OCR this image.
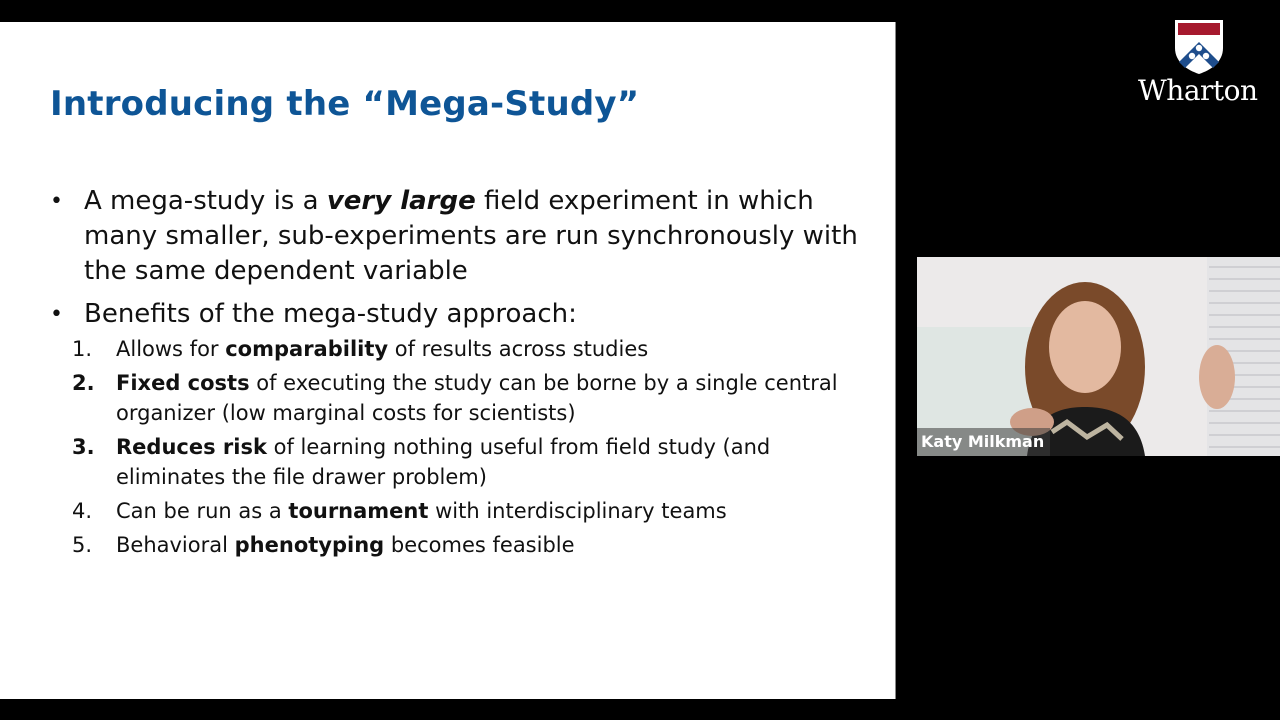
Introducing the “Mega-Study”
• A mega-study is a very large field experiment in which many smaller, sub-experiments are run synchronously with the same dependent variable
• Benefits of the mega-study approach:
1. Allows for comparability of results across studies
2. Fixed costs of executing the study can be borne by a single central organizer (low marginal costs for scientists)
3. Reduces risk of learning nothing useful from field study (and eliminates the file drawer problem)
4. Can be run as a tournament with interdisciplinary teams
5. Behavioral phenotyping becomes feasible
Wharton
Katy Milkman
